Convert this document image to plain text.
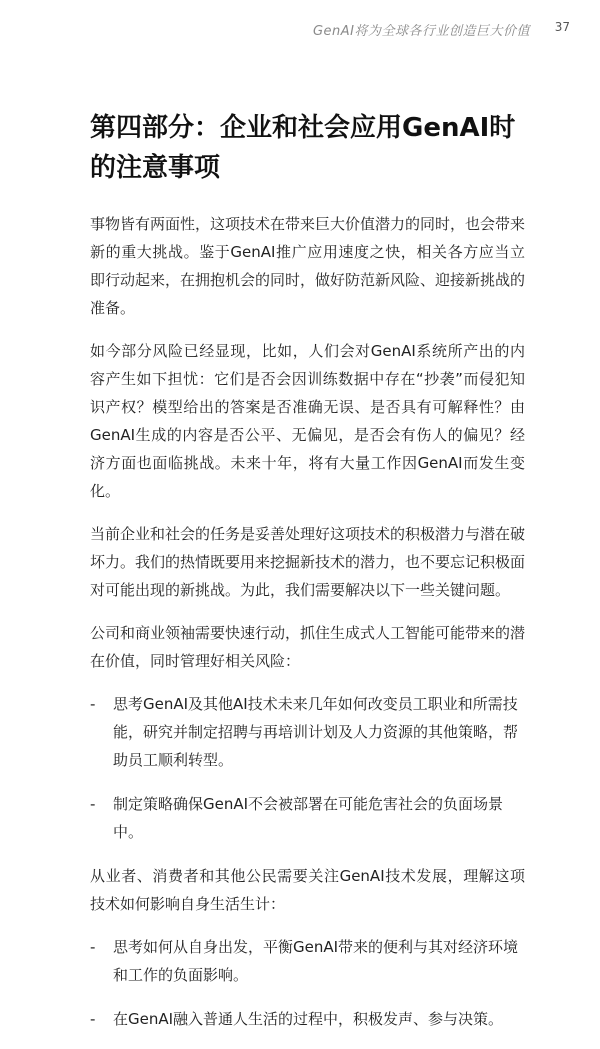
GenAI将为全球各行业创造巨大价值 37
第四部分：企业和社会应用GenAI时的注意事项

事物皆有两面性，这项技术在带来巨大价值潜力的同时，也会带来新的重大挑战。鉴于GenAI推广应用速度之快，相关各方应当立即行动起来，在拥抱机会的同时，做好防范新风险、迎接新挑战的准备。

如今部分风险已经显现，比如，人们会对GenAI系统所产出的内容产生如下担忧：它们是否会因训练数据中存在“抄袭”而侵犯知识产权？模型给出的答案是否准确无误、是否具有可解释性？由GenAI生成的内容是否公平、无偏见，是否会有伤人的偏见？经济方面也面临挑战。未来十年，将有大量工作因GenAI而发生变化。

当前企业和社会的任务是妥善处理好这项技术的积极潜力与潜在破坏力。我们的热情既要用来挖掘新技术的潜力，也不要忘记积极面对可能出现的新挑战。为此，我们需要解决以下一些关键问题。

公司和商业领袖需要快速行动，抓住生成式人工智能可能带来的潜在价值，同时管理好相关风险：

- 思考GenAI及其他AI技术未来几年如何改变员工职业和所需技能，研究并制定招聘与再培训计划及人力资源的其他策略，帮助员工顺利转型。
- 制定策略确保GenAI不会被部署在可能危害社会的负面场景中。

从业者、消费者和其他公民需要关注GenAI技术发展，理解这项技术如何影响自身生活生计：

- 思考如何从自身出发，平衡GenAI带来的便利与其对经济环境和工作的负面影响。
- 在GenAI融入普通人生活的过程中，积极发声、参与决策。
